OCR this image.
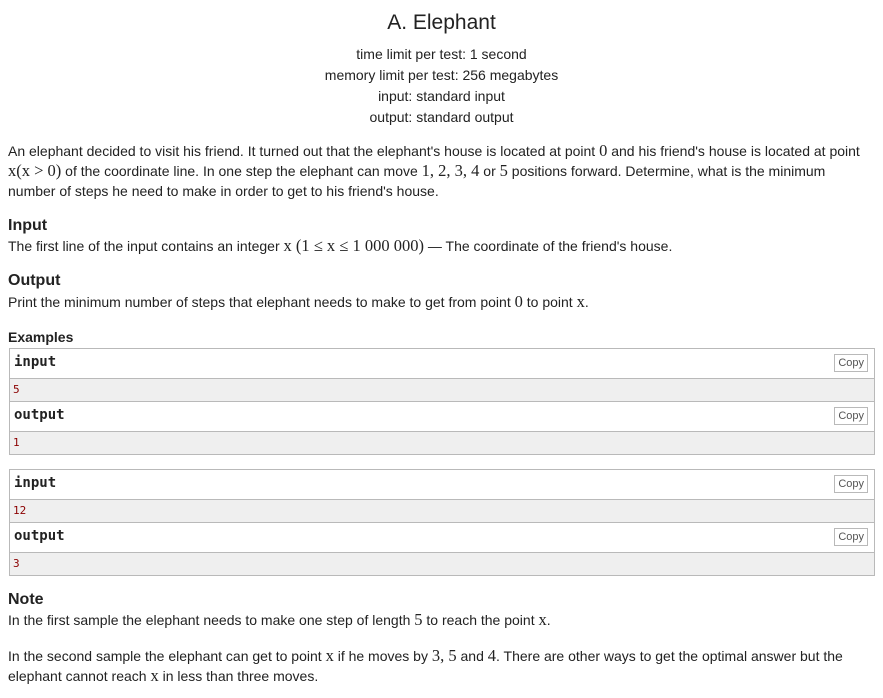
A. Elephant
time limit per test: 1 second
memory limit per test: 256 megabytes
input: standard input
output: standard output
An elephant decided to visit his friend. It turned out that the elephant's house is located at point 0 and his friend's house is located at point x(x > 0) of the coordinate line. In one step the elephant can move 1, 2, 3, 4 or 5 positions forward. Determine, what is the minimum number of steps he need to make in order to get to his friend's house.
Input
The first line of the input contains an integer x (1 ≤ x ≤ 1 000 000) — The coordinate of the friend's house.
Output
Print the minimum number of steps that elephant needs to make to get from point 0 to point x.
Examples
input	Copy
5
output	Copy
1
input	Copy
12
output	Copy
3
Note
In the first sample the elephant needs to make one step of length 5 to reach the point x.
In the second sample the elephant can get to point x if he moves by 3, 5 and 4. There are other ways to get the optimal answer but the elephant cannot reach x in less than three moves.
